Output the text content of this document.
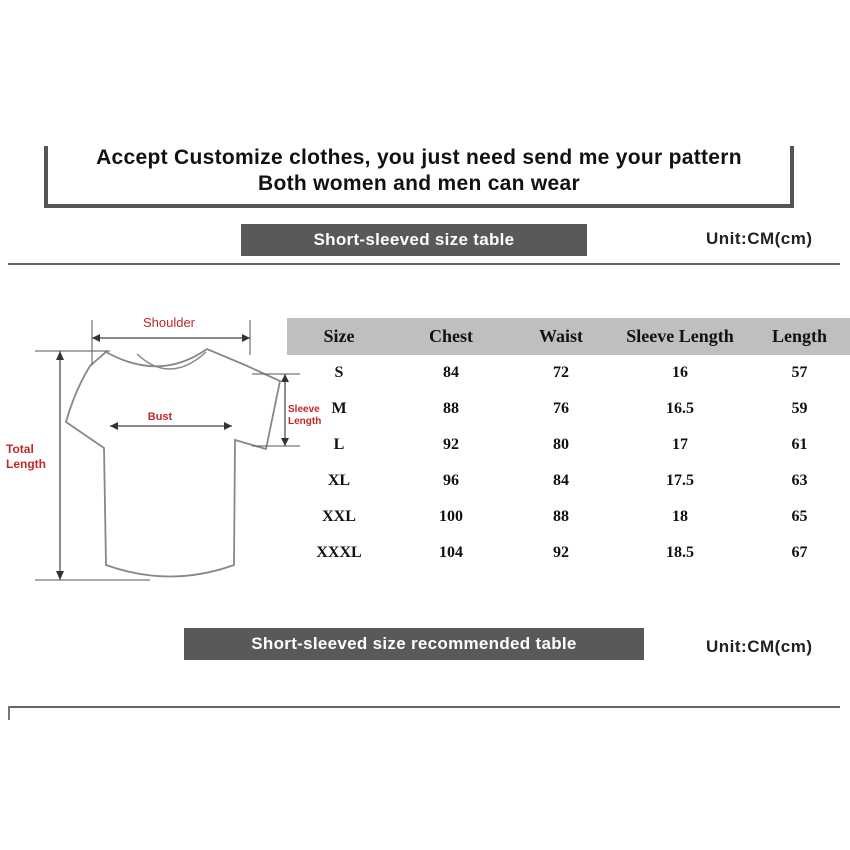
Accept Customize clothes, you just need send me your pattern
Both women and men can wear
Short-sleeved size table	Unit:CM(cm)
Shoulder
Bust
Sleeve
Length
Total
Length
Size	Chest	Waist	Sleeve Length	Length
S	84	72	16	57
M	88	76	16.5	59
L	92	80	17	61
XL	96	84	17.5	63
XXL	100	88	18	65
XXXL	104	92	18.5	67
Short-sleeved size recommended table	Unit:CM(cm)
